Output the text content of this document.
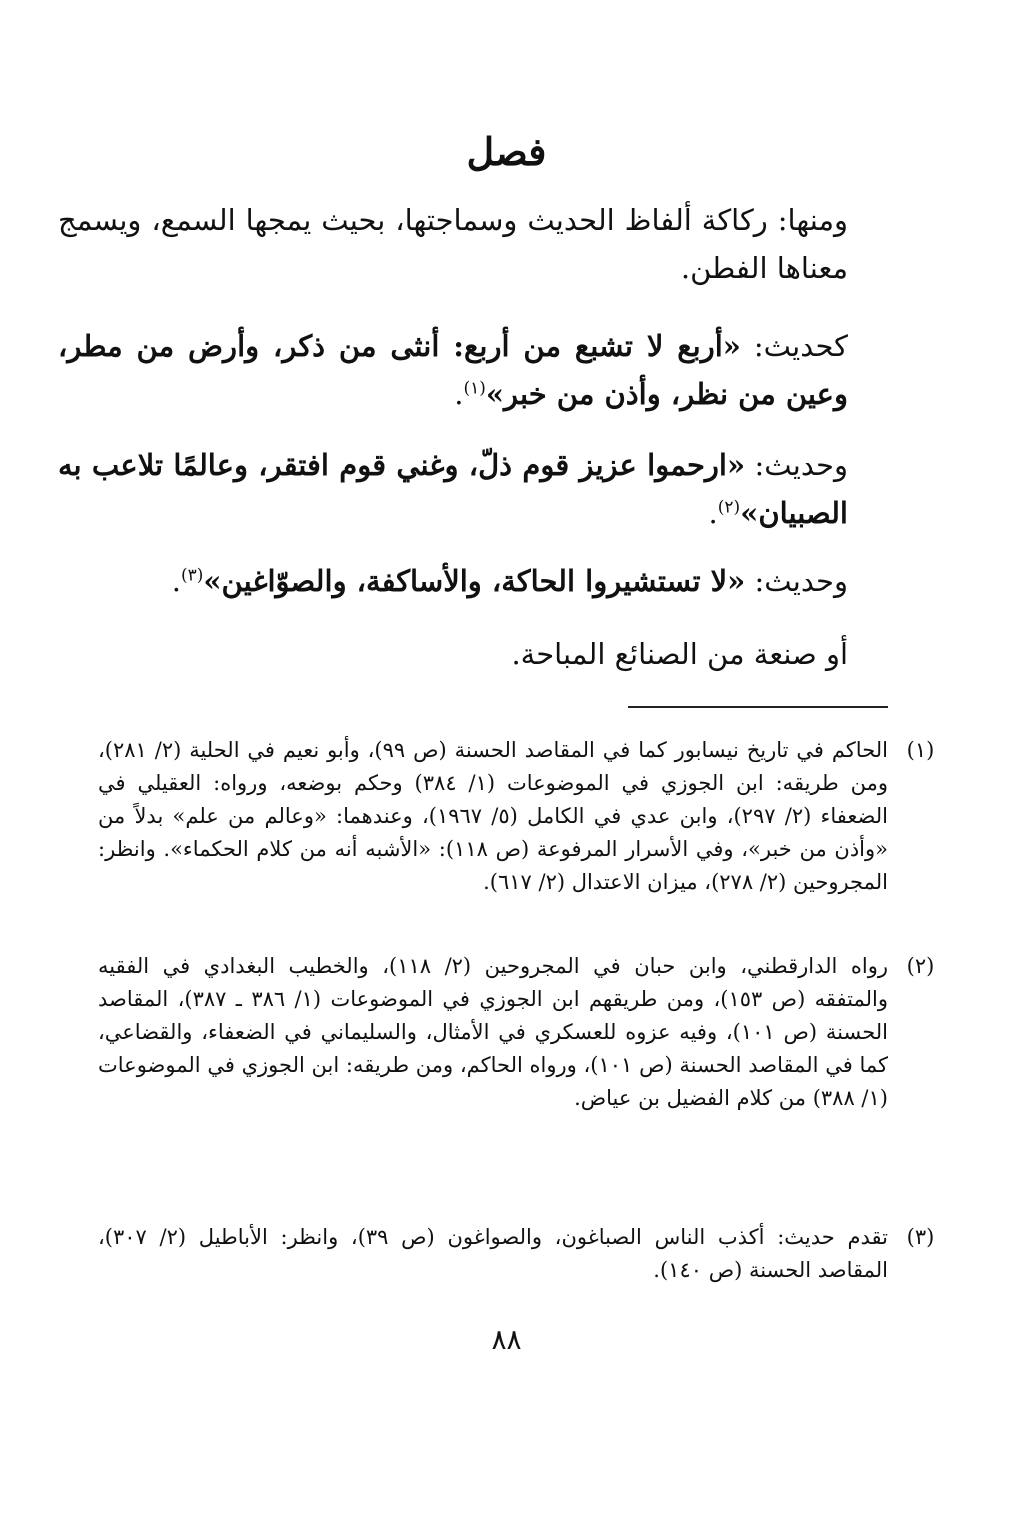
فصل
ومنها: ركاكة ألفاظ الحديث وسماجتها، بحيث يمجها السمع، ويسمج معناها الفطن.
كحديث: «أربع لا تشبع من أربع: أنثى من ذكر، وأرض من مطر، وعين من نظر، وأذن من خبر»$^{(١)}$.
وحديث: «ارحموا عزيز قوم ذلّ، وغني قوم افتقر، وعالمًا تلاعب به الصبيان»$^{(٢)}$.
وحديث: «لا تستشيروا الحاكة، والأساكفة، والصوّاغين»$^{(٣)}$.
أو صنعة من الصنائع المباحة.
(١)
الحاكم في تاريخ نيسابور كما في المقاصد الحسنة (ص ٩٩)، وأبو نعيم في الحلية (٢/ ٢٨١)، ومن طريقه: ابن الجوزي في الموضوعات (١/ ٣٨٤) وحكم بوضعه، ورواه: العقيلي في الضعفاء (٢/ ٢٩٧)، وابن عدي في الكامل (٥/ ١٩٦٧)، وعندهما: «وعالم من علم» بدلاً من «وأذن من خبر»، وفي الأسرار المرفوعة (ص ١١٨): «الأشبه أنه من كلام الحكماء». وانظر: المجروحين (٢/ ٢٧٨)، ميزان الاعتدال (٢/ ٦١٧).
(٢)
رواه الدارقطني، وابن حبان في المجروحين (٢/ ١١٨)، والخطيب البغدادي في الفقيه والمتفقه (ص ١٥٣)، ومن طريقهم ابن الجوزي في الموضوعات (١/ ٣٨٦ ـ ٣٨٧)، المقاصد الحسنة (ص ١٠١)، وفيه عزوه للعسكري في الأمثال، والسليماني في الضعفاء، والقضاعي، كما في المقاصد الحسنة (ص ١٠١)، ورواه الحاكم، ومن طريقه: ابن الجوزي في الموضوعات (١/ ٣٨٨) من كلام الفضيل بن عياض.
(٣)
تقدم حديث: أكذب الناس الصباغون، والصواغون (ص ٣٩)، وانظر: الأباطيل (٢/ ٣٠٧)، المقاصد الحسنة (ص ١٤٠).
٨٨
